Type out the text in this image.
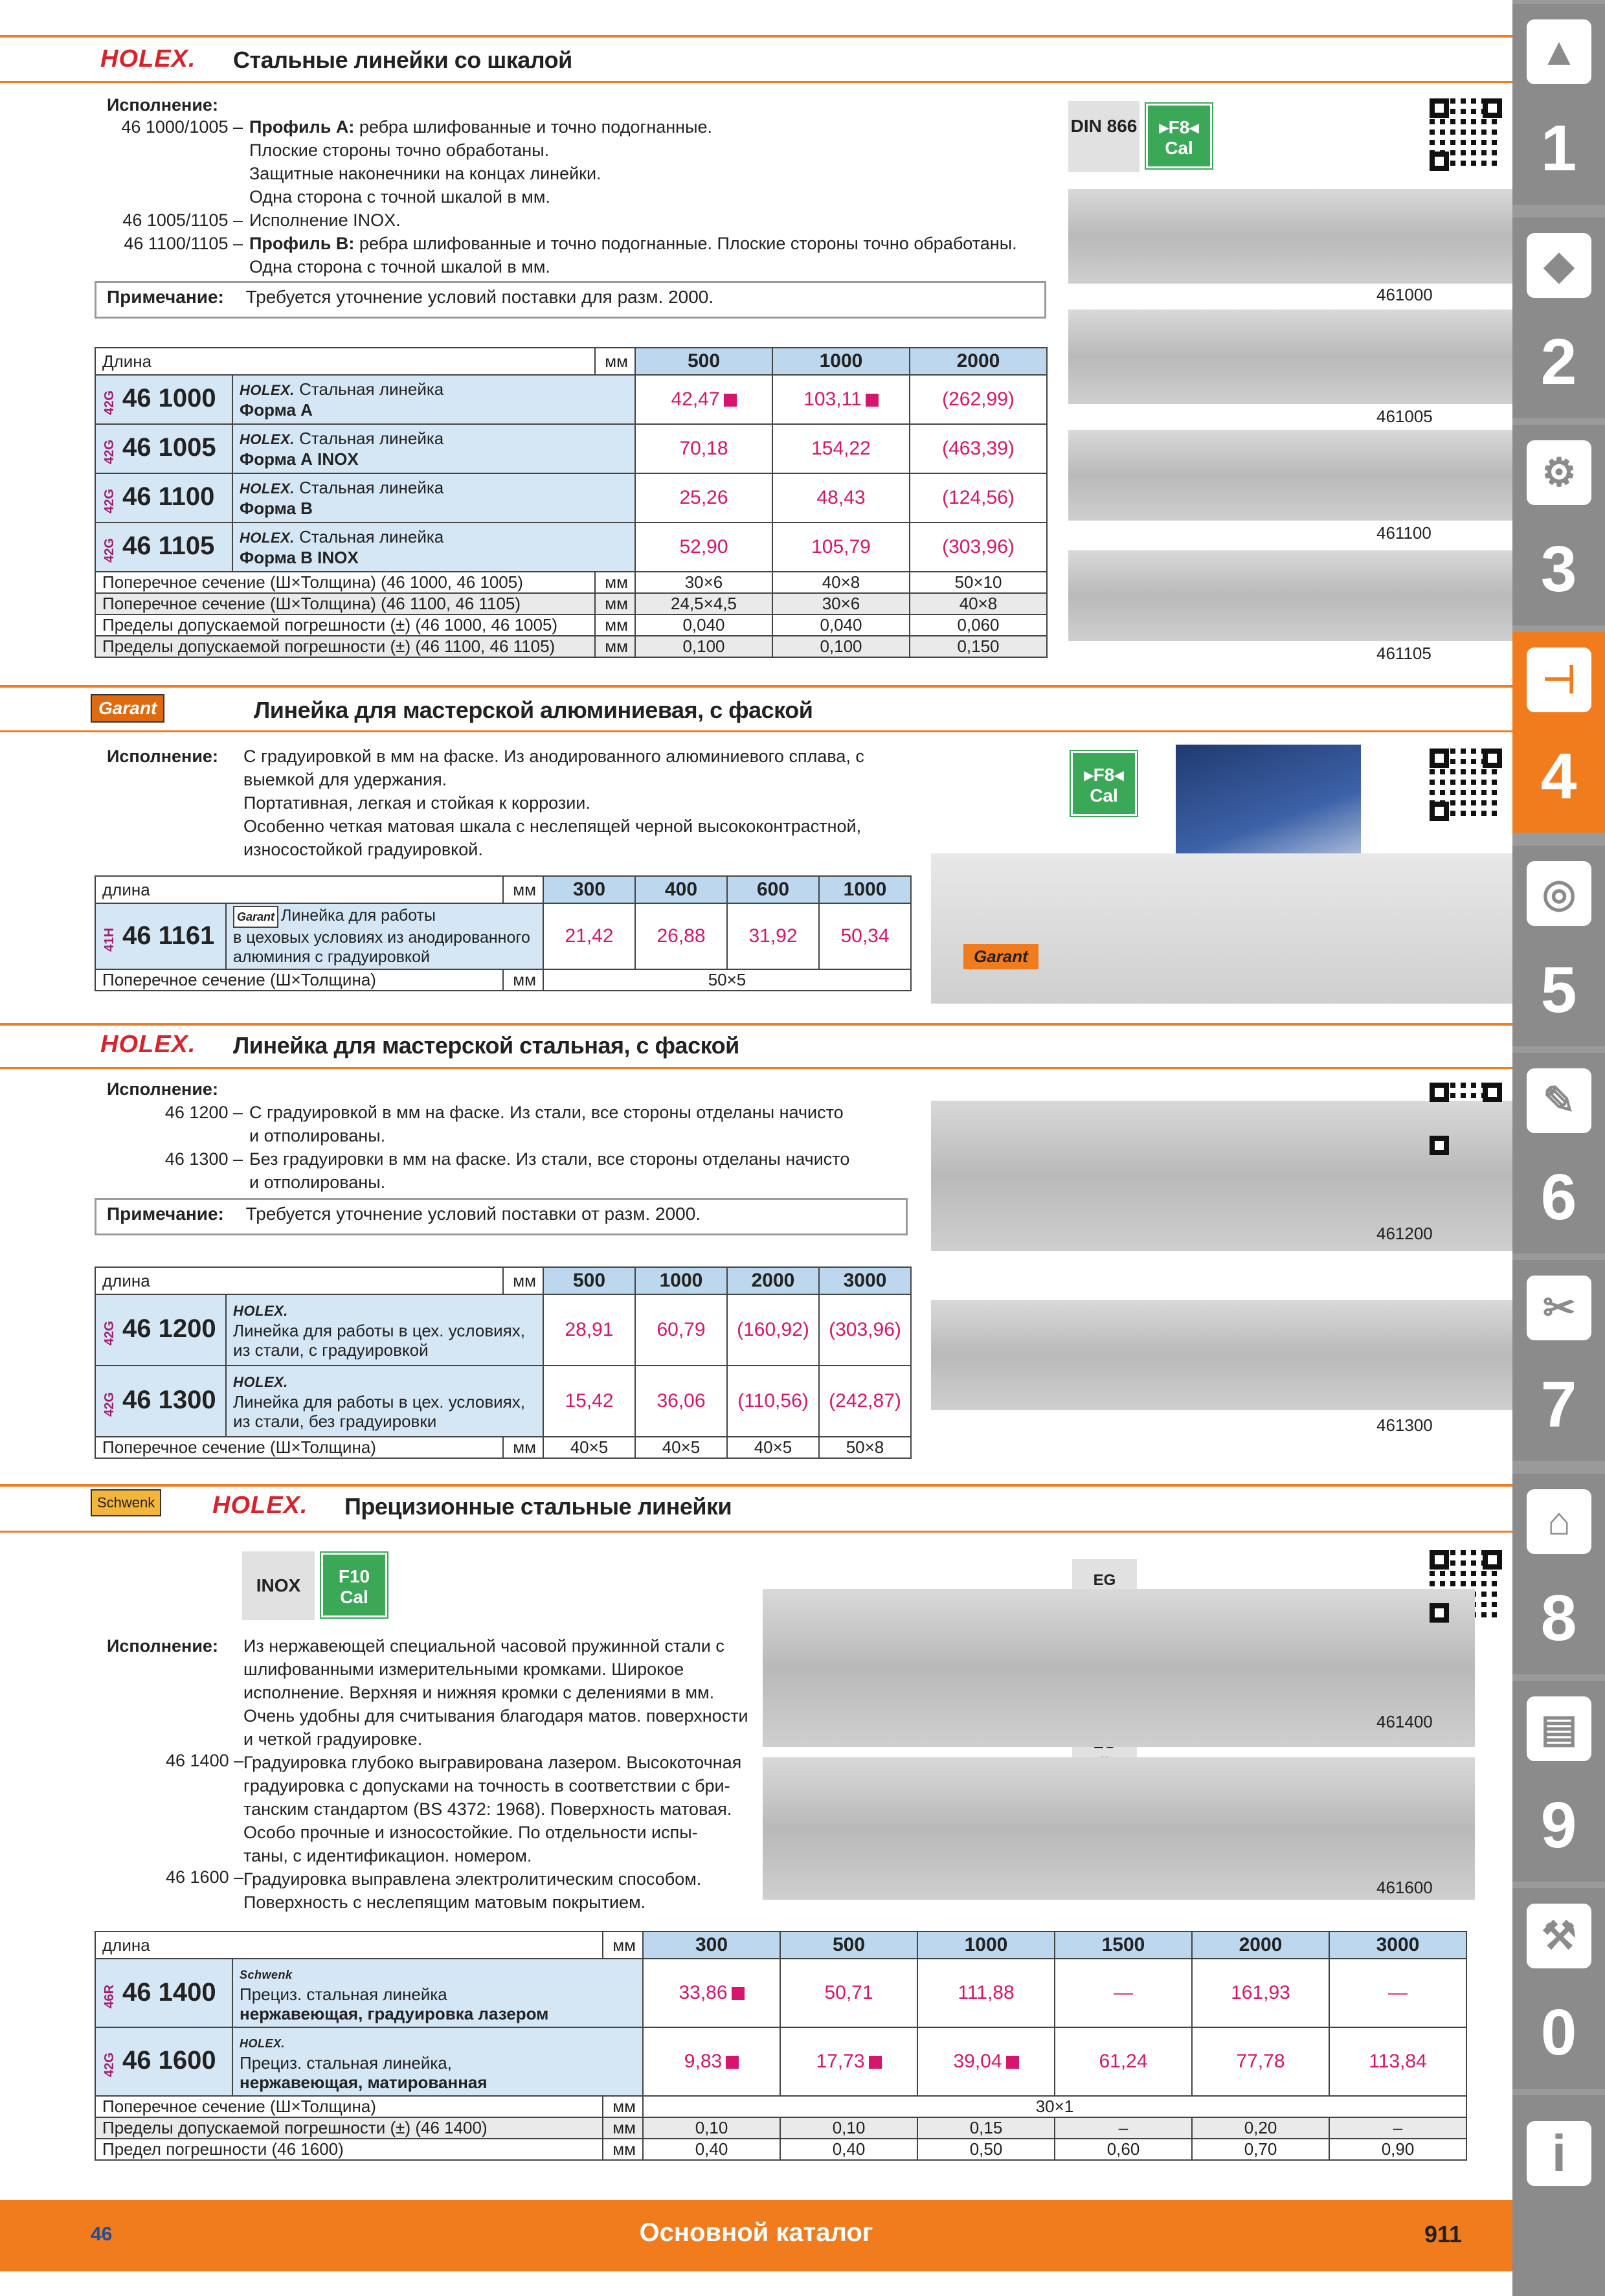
HOLEX. Стальные линейки со шкалой
Исполнение:
46 1000/1005 – Профиль A: ребра шлифованные и точно подогнанные.
Плоские стороны точно обработаны.
Защитные наконечники на концах линейки.
Одна сторона с точной шкалой в мм.
46 1005/1105 – Исполнение INOX.
46 1100/1105 – Профиль B: ребра шлифованные и точно подогнанные. Плоские стороны точно обработаны.
Одна сторона с точной шкалой в мм.
Примечание: Требуется уточнение условий поставки для разм. 2000.
DIN 866	▸F8◂
Cal
Длина		мм	500	1000	2000
42G 46 1000	HOLEX. Стальная линейка
Форма А		42,47	103,11	(262,99)
42G 46 1005	HOLEX. Стальная линейка
Форма А INOX		70,18	154,22	(463,39)
42G 46 1100	HOLEX. Стальная линейка
Форма В		25,26	48,43	(124,56)
42G 46 1105	HOLEX. Стальная линейка
Форма В INOX		52,90	105,79	(303,96)
Поперечное сечение (Ш×Толщина) (46 1000, 46 1005)		мм	30×6	40×8	50×10
Поперечное сечение (Ш×Толщина) (46 1100, 46 1105)		мм	24,5×4,5	30×6	40×8
Пределы допускаемой погрешности (±) (46 1000, 46 1005)		мм	0,040	0,040	0,060
Пределы допускаемой погрешности (±) (46 1100, 46 1105)		мм	0,100	0,100	0,150
461000
461005
461100
461105
Garant	Линейка для мастерской алюминиевая, с фаской
Исполнение: С градуировкой в мм на фаске. Из анодированного алюминиевого сплава, с
выемкой для удержания.
Портативная, легкая и стойкая к коррозии.
Особенно четкая матовая шкала с неслепящей черной высококонтрастной,
износостойкой градуировкой.
▸F8◂
Cal
длина		мм	300	400	600	1000
41H 46 1161	Garant Линейка для работы
в цеховых условиях из анодированного
алюминия с градуировкой		21,42	26,88	31,92	50,34
Поперечное сечение (Ш×Толщина)		мм	50×5			
Garant
HOLEX. Линейка для мастерской стальная, с фаской
Исполнение:
46 1200 – С градуировкой в мм на фаске. Из стали, все стороны отделаны начисто
и отполированы.
46 1300 – Без градуировки в мм на фаске. Из стали, все стороны отделаны начисто
и отполированы.
Примечание: Требуется уточнение условий поставки от разм. 2000.
461200
461300
длина		мм	500	1000	2000	3000
42G 46 1200	HOLEX.
Линейка для работы в цех. условиях,
из стали, с градуировкой		28,91	60,79	(160,92)	(303,96)
42G 46 1300	HOLEX.
Линейка для работы в цех. условиях,
из стали, без градуировки		15,42	36,06	(110,56)	(242,87)
Поперечное сечение (Ш×Толщина)		мм	40×5	40×5	40×5	50×8
Schwenk HOLEX. Прецизионные стальные линейки
INOX	F10
Cal
EG

Исполнение: Из нержавеющей специальной часовой пружинной стали с
шлифованными измерительными кромками. Широкое
исполнение. Верхняя и нижняя кромки с делениями в мм.
Очень удобны для считывания благодаря матов. поверхности
и четкой градуировке.
46 1400 – Градуировка глубоко выгравирована лазером. Высокоточная
градуировка с допусками на точность в соответствии с бри-
танским стандартом (BS 4372: 1968). Поверхность матовая.
Особо прочные и износостойкие. По отдельности испы-
таны, с идентификацион. номером.
46 1600 – Градуировка выправлена электролитическим способом.
Поверхность с неслепящим матовым покрытием.
461400
461600
длина		мм	300	500	1000	1500	2000	3000
46R 46 1400	Schwenk
Прециз. стальная линейка
нержавеющая, градуировка лазером		33,86	50,71	111,88	—	161,93	—
42G 46 1600	HOLEX.
Прециз. стальная линейка,
нержавеющая, матированная		9,83	17,73	39,04	61,24	77,78	113,84
Поперечное сечение (Ш×Толщина)		мм	30×1					
Пределы допускаемой погрешности (±) (46 1400)		мм	0,10	0,10	0,15	–	0,20	–
Предел погрешности (46 1600)		мм	0,40	0,40	0,50	0,60	0,70	0,90
46	Основной каталог	911
▲
1
◆
2
⚙
3
⊣
4
◎
5
✎
6
✂
7
⌂
8
▤
9
⚒
0
i
